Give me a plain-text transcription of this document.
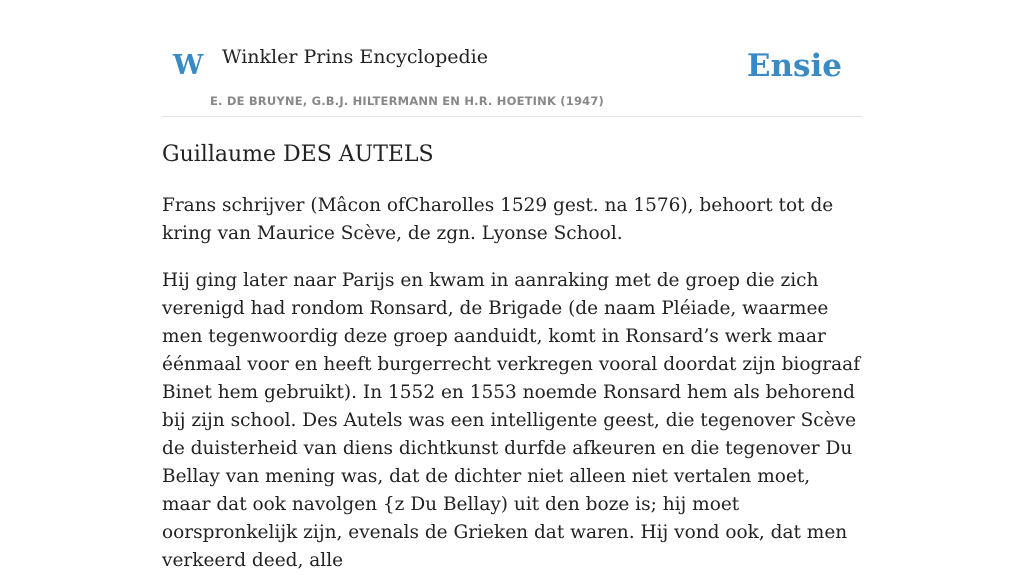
W Winkler Prins Encyclopedie	Ensie
E. DE BRUYNE, G.B.J. HILTERMANN EN H.R. HOETINK (1947)
Guillaume DES AUTELS

Frans schrijver (Mâcon ofCharolles 1529 gest. na 1576), behoort tot de kring van Maurice Scève, de zgn. Lyonse School.

Hij ging later naar Parijs en kwam in aanraking met de groep die zich verenigd had rondom Ronsard, de Brigade (de naam Pléiade, waarmee men tegenwoordig deze groep aanduidt, komt in Ronsard’s werk maar éénmaal voor en heeft burgerrecht verkregen vooral doordat zijn biograaf Binet hem gebruikt). In 1552 en 1553 noemde Ronsard hem als behorend bij zijn school. Des Autels was een intelligente geest, die tegenover Scève de duisterheid van diens dichtkunst durfde afkeuren en die tegenover Du Bellay van mening was, dat de dichter niet alleen niet vertalen moet, maar dat ook navolgen {z Du Bellay) uit den boze is; hij moet oorspronkelijk zijn, evenals de Grieken dat waren. Hij vond ook, dat men verkeerd deed, alle
